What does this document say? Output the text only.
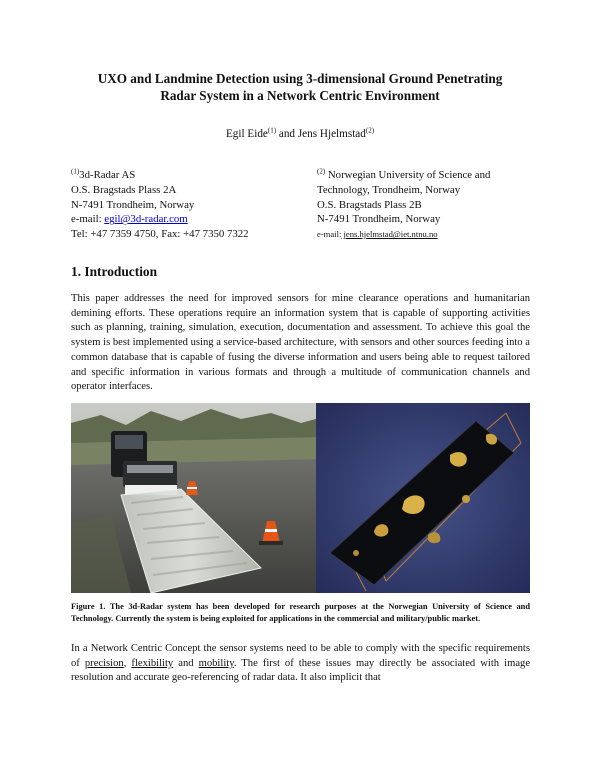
UXO and Landmine Detection using 3-dimensional Ground Penetrating
Radar System in a Network Centric Environment
Egil Eide$^{(1)}$ and Jens Hjelmstad$^{(2)}$
$^{(1)}$3d-Radar AS
O.S. Bragstads Plass 2A
N-7491 Trondheim, Norway
e-mail: egil@3d-radar.com
Tel: +47 7359 4750, Fax: +47 7350 7322
$^{(2)}$ Norwegian University of Science and
Technology, Trondheim, Norway
O.S. Bragstads Plass 2B
N-7491 Trondheim, Norway
e-mail: jens.hjelmstad@iet.ntnu.no
1. Introduction
This paper addresses the need for improved sensors for mine clearance operations and humanitarian demining efforts. These operations require an information system that is capable of supporting activities such as planning, training, simulation, execution, documentation and assessment. To achieve this goal the system is best implemented using a service-based architecture, with sensors and other sources feeding into a common database that is capable of fusing the diverse information and users being able to request tailored and specific information in various formats and through a multitude of communication channels and operator interfaces.
Figure 1. The 3d-Radar system has been developed for research purposes at the Norwegian University of Science and Technology. Currently the system is being exploited for applications in the commercial and military/public market.
In a Network Centric Concept the sensor systems need to be able to comply with the specific requirements of precision, flexibility and mobility. The first of these issues may directly be associated with image resolution and accurate geo-referencing of radar data. It also implicit that
